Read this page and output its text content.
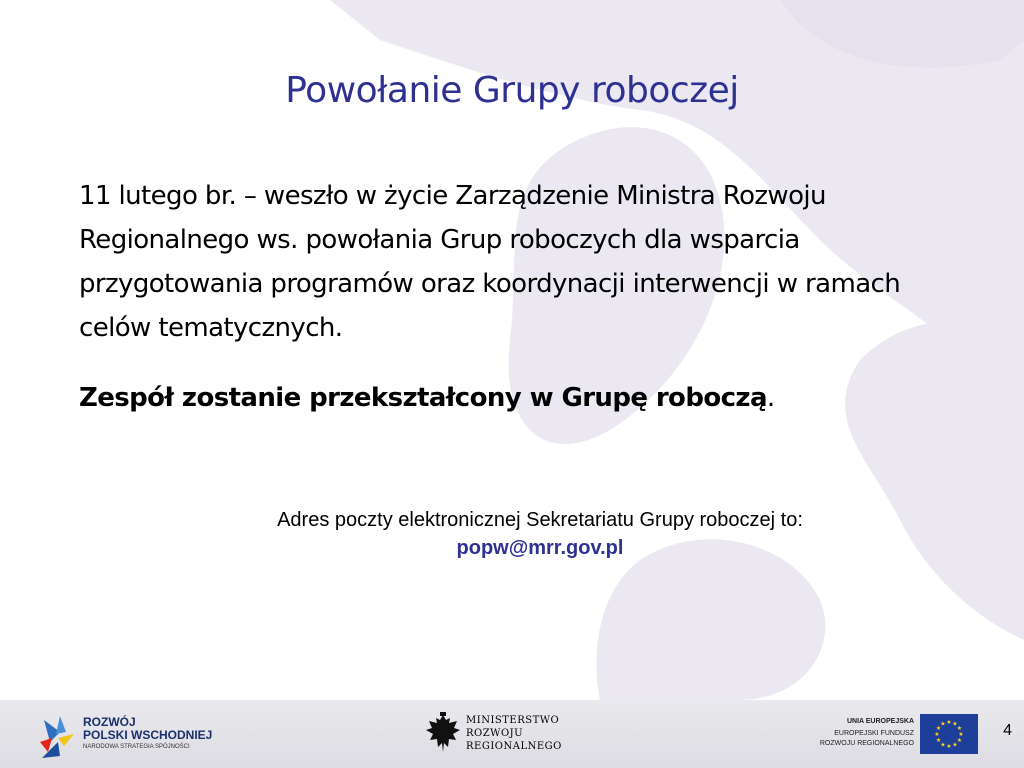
Powołanie Grupy roboczej

11 lutego br. – weszło w życie Zarządzenie Ministra Rozwoju Regionalnego ws. powołania Grup roboczych dla wsparcia przygotowania programów oraz koordynacji interwencji w ramach celów tematycznych.

Zespół zostanie przekształcony w Grupę roboczą.

Adres poczty elektronicznej Sekretariatu Grupy roboczej to:
popw@mrr.gov.pl
ROZWÓJ
POLSKI WSCHODNIEJ
NARODOWA STRATEGIA SPÓJNOŚCI
MINISTERSTWO
ROZWOJU
REGIONALNEGO
UNIA EUROPEJSKA
EUROPEJSKI FUNDUSZ
ROZWOJU REGIONALNEGO
★ ★
★
★
★
★
★
★
★
★
★
★	4
